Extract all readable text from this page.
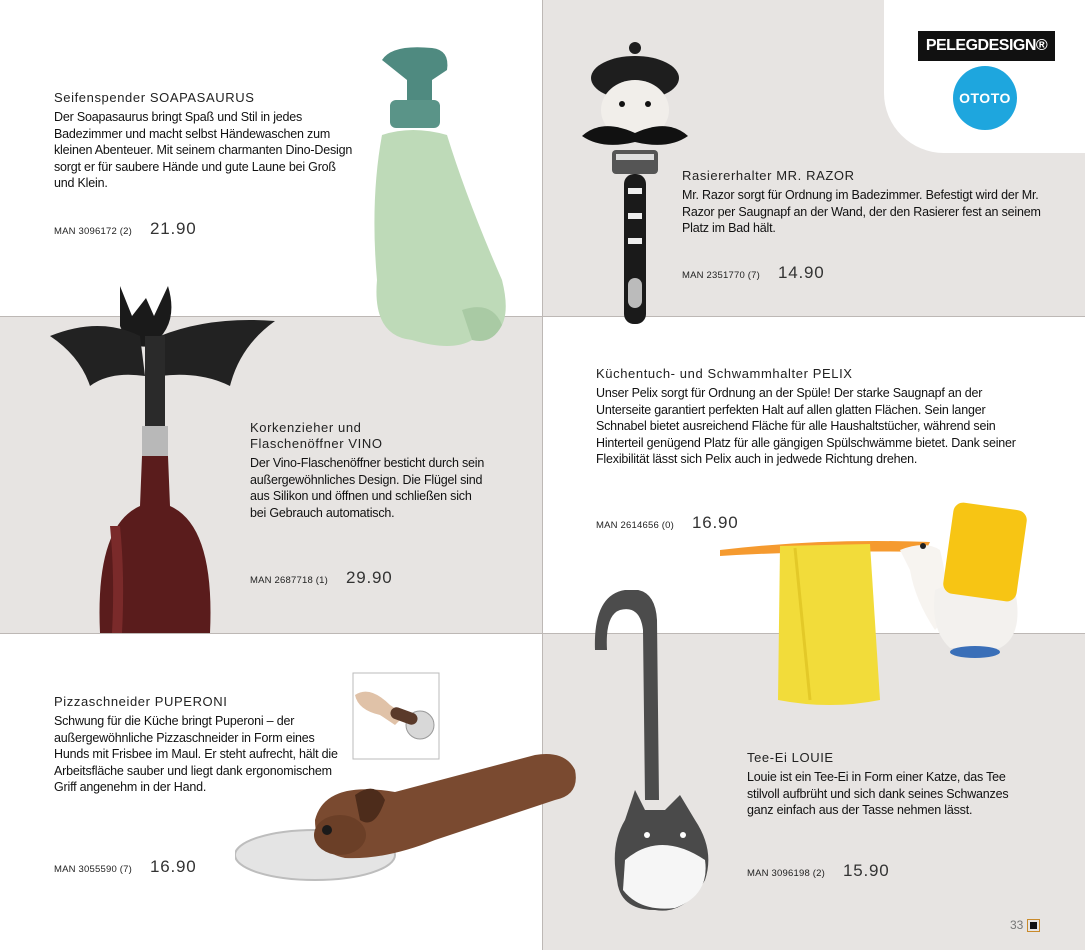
PELEGDESIGN®
OTOTO

Seifenspender SOAPASAURUS

Der Soapasaurus bringt Spaß und Stil in jedes Badezimmer und macht selbst Händewaschen zum kleinen Abenteuer. Mit seinem charmanten Dino-Design sorgt er für saubere Hände und gute Laune bei Groß und Klein.

MAN 3096172 (2) 21.90

Rasiererhalter MR. RAZOR

Mr. Razor sorgt für Ordnung im Badezimmer. Befestigt wird der Mr. Razor per Saugnapf an der Wand, der den Rasierer fest an seinem Platz im Bad hält.

MAN 2351770 (7) 14.90

Korkenzieher und

Flaschenöffner VINO

Der Vino-Flaschenöffner besticht durch sein außergewöhnliches Design. Die Flügel sind aus Silikon und öffnen und schließen sich bei Gebrauch automatisch.

MAN 2687718 (1) 29.90

Küchentuch- und Schwammhalter PELIX

Unser Pelix sorgt für Ordnung an der Spüle! Der starke Saugnapf an der Unterseite garantiert perfekten Halt auf allen glatten Flächen. Sein langer Schnabel bietet ausreichend Fläche für alle Haushaltstücher, während sein Hinterteil genügend Platz für alle gängigen Spülschwämme bietet. Dank seiner Flexibilität lässt sich Pelix auch in jedwede Richtung drehen.

MAN 2614656 (0) 16.90

Pizzaschneider PUPERONI

Schwung für die Küche bringt Puperoni – der außergewöhnliche Pizzaschneider in Form eines Hunds mit Frisbee im Maul. Er steht aufrecht, hält die Arbeitsfläche sauber und liegt dank ergonomischem Griff angenehm in der Hand.

MAN 3055590 (7) 16.90

Tee-Ei LOUIE

Louie ist ein Tee-Ei in Form einer Katze, das Tee stilvoll aufbrüht und sich dank seines Schwanzes ganz einfach aus der Tasse nehmen lässt.

MAN 3096198 (2) 15.90
33
